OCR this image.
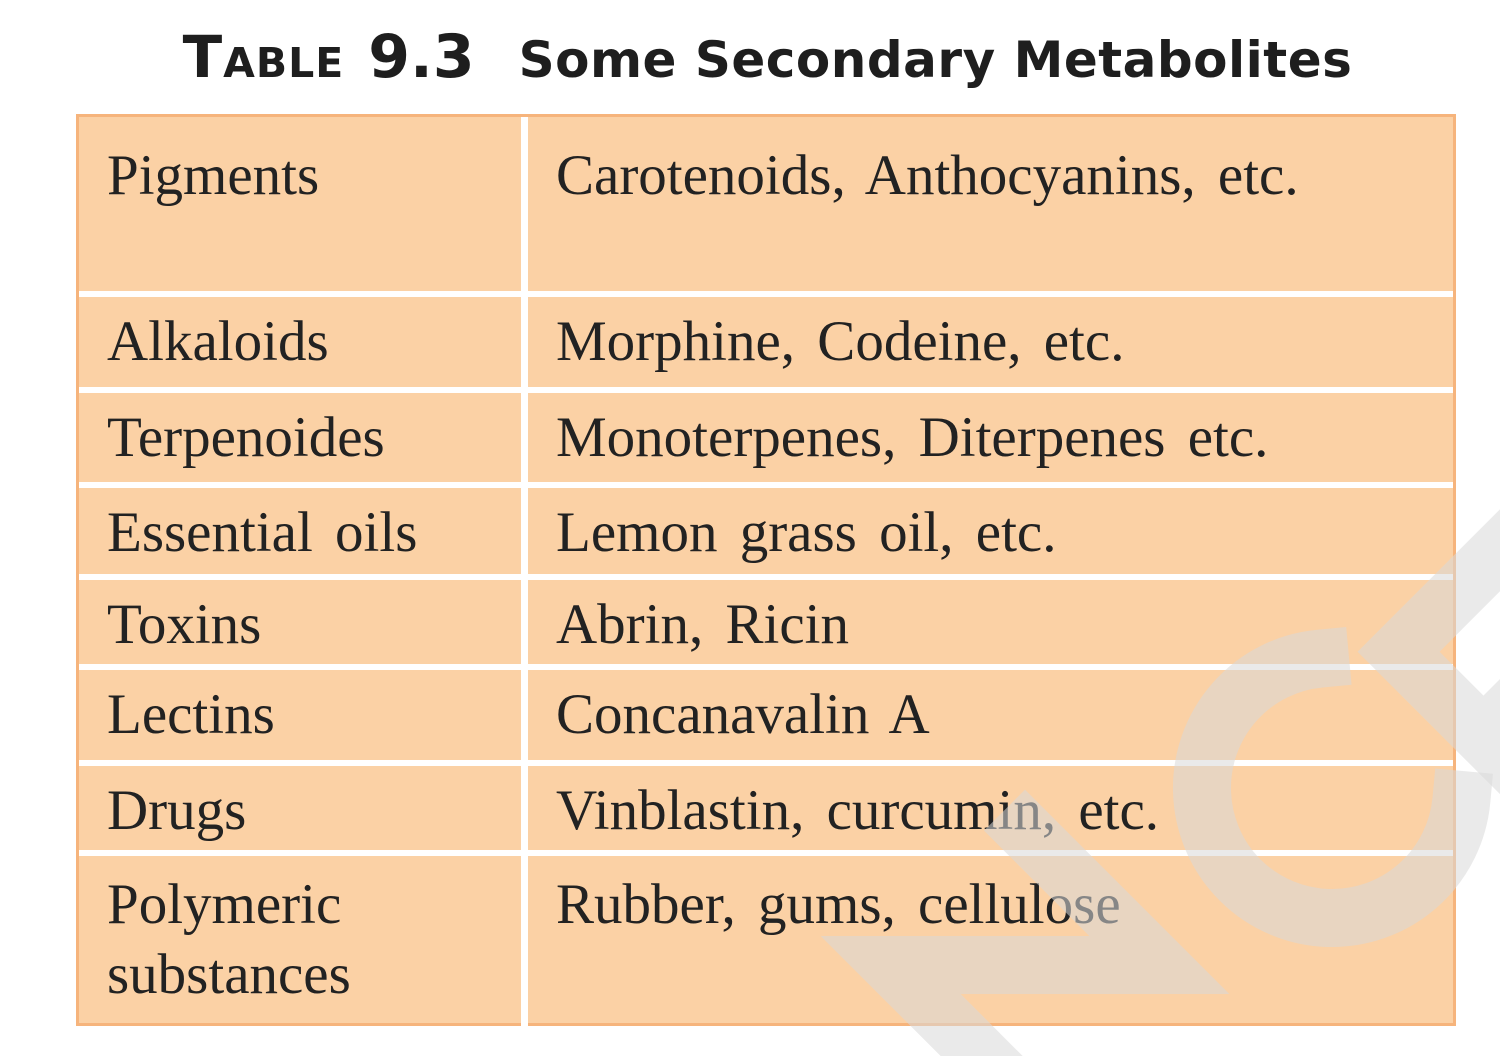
Table 9.3 Some Secondary Metabolites
Pigments	Carotenoids, Anthocyanins, etc.
Alkaloids	Morphine, Codeine, etc.
Terpenoides	Monoterpenes, Diterpenes etc.
Essential oils	Lemon grass oil, etc.
Toxins	Abrin, Ricin
Lectins	Concanavalin A
Drugs	Vinblastin, curcumin, etc.
Polymeric substances	Rubber, gums, cellulose
